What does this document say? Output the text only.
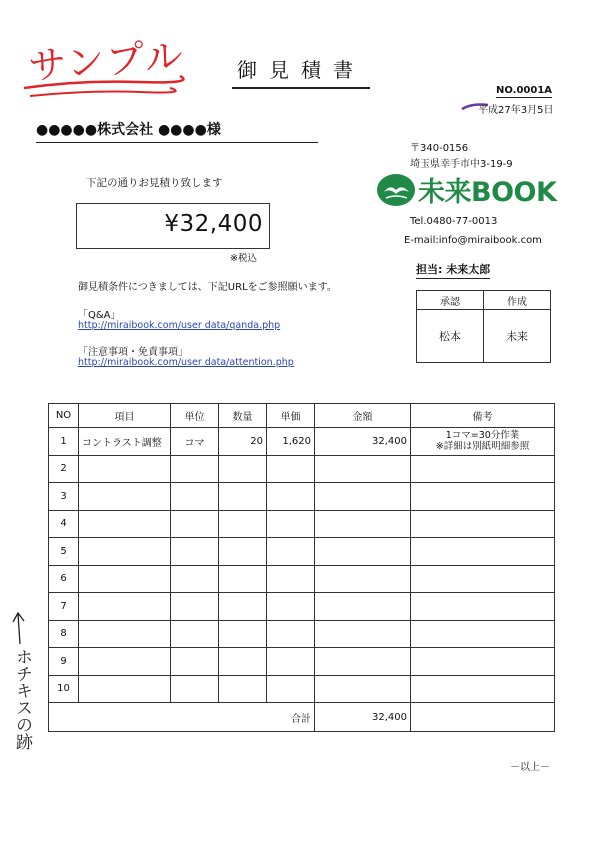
サンプル	御見積書
NO.0001A
平成27年3月5日
●●●●●株式会社 ●●●●様
〒340-0156
埼玉県幸手市中3-19-9
未来BOOK
Tel.0480-77-0013
E-mail:info@miraibook.com
下記の通りお見積り致します
¥32,400
※税込
担当: 未来太郎
承認	作成
松本	未来
御見積条件につきましては、下記URLをご参照願います。
「Q&A」
http://miraibook.com/user data/qanda.php
「注意事項・免責事項」
http://miraibook.com/user data/attention.php
NO	項目	単位	数量	単価	金額	備考
1	コントラスト調整	コマ	20	1,620	32,400	1コマ=30分作業
※詳細は別紙明細参照

2						
3						
4						
5						
6						
7						
8						
9						
10						
合計					32,400	
ホチキスの跡
－以上－
